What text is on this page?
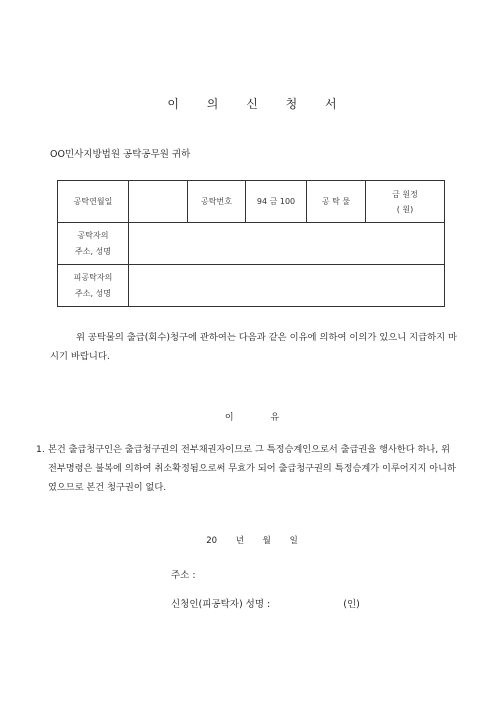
이 의 신 청 서
OO민사지방법원 공탁공무원 귀하
공탁연월일		공탁번호	94 금 100	공 탁 물	금 원정
( 원)

공탁자의
주소, 성명					

피공탁자의
주소, 성명					

위 공탁물의 출급(회수)청구에 관하여는 다음과 같은 이유에 의하여 이의가 있으니 지급하지 마시기 바랍니다.
이	유
1. 본건 출급청구인은 출급청구권의 전부채권자이므로 그 특정승계인으로서 출급권을 행사한다 하나, 위 전부명령은 불복에 의하여 취소확정됨으로써 무효가 되어 출급청구권의 특정승계가 이루어지지 아니하였으므로 본건 청구권이 없다.
20 년 월 일
주소 :
신청인(피공탁자) 성명 :	(인)
